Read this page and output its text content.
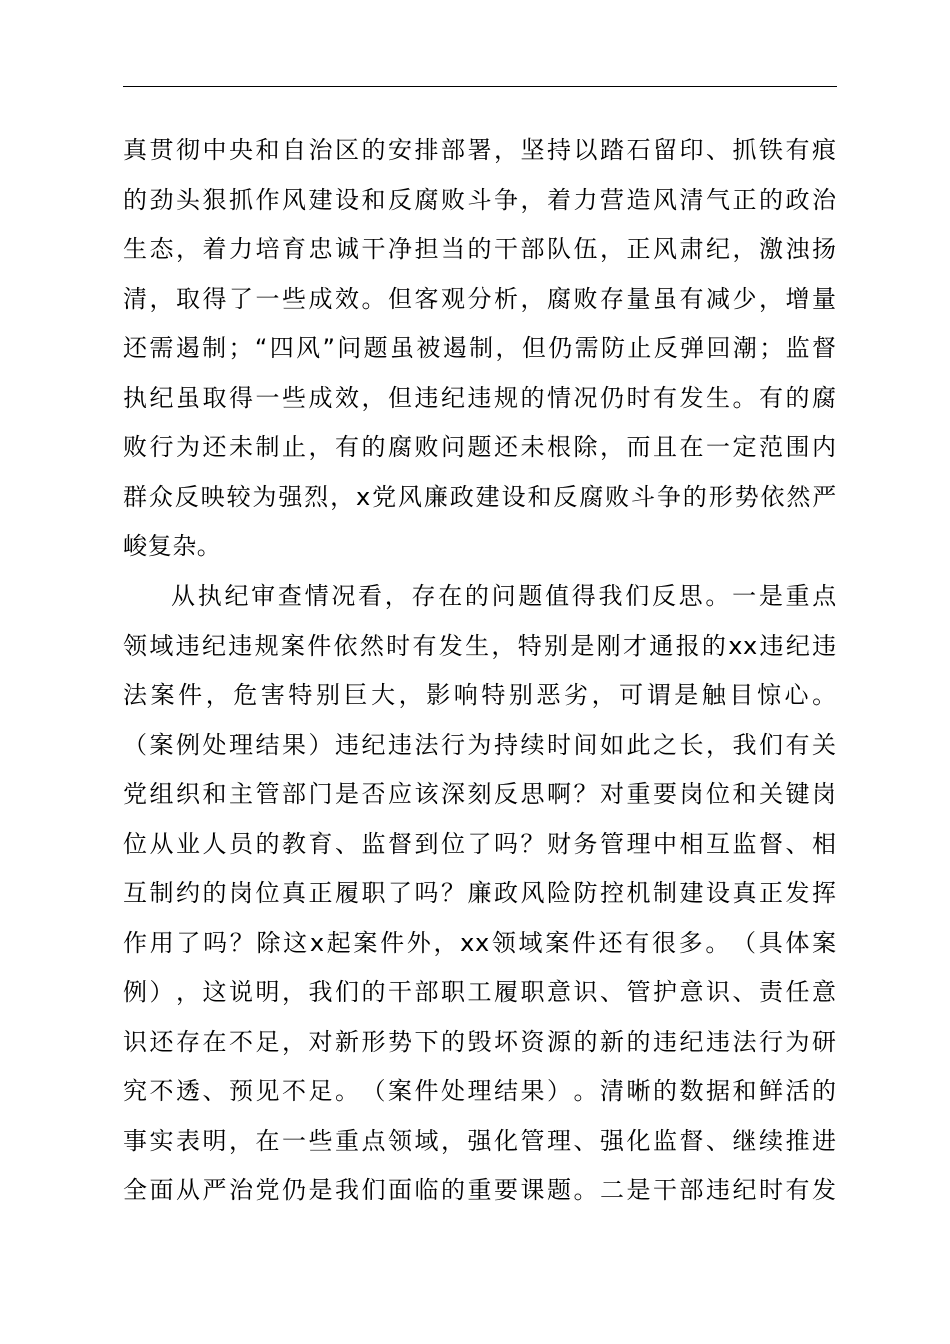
真 贯 彻 中 央 和 自 治 区 的 安 排 部 署 ， 坚 持 以 踏 石 留 印 、 抓 铁 有 痕
的 劲 头 狠 抓 作 风 建 设 和 反 腐 败 斗 争 ， 着 力 营 造 风 清 气 正 的 政 治
生 态 ， 着 力 培 育 忠 诚 干 净 担 当 的 干 部 队 伍 ， 正 风 肃 纪 ， 激 浊 扬
清 ， 取 得 了 一 些 成 效 。 但 客 观 分 析 ， 腐 败 存 量 虽 有 减 少 ， 增 量
还 需 遏 制 ； “ 四 风 ” 问 题 虽 被 遏 制 ， 但 仍 需 防 止 反 弹 回 潮 ； 监 督
执 纪 虽 取 得 一 些 成 效 ， 但 违 纪 违 规 的 情 况 仍 时 有 发 生 。 有 的 腐
败 行 为 还 未 制 止 ， 有 的 腐 败 问 题 还 未 根 除 ， 而 且 在 一 定 范 围 内
群 众 反 映 较 为 强 烈 ， x 党 风 廉 政 建 设 和 反 腐 败 斗 争 的 形 势 依 然 严
峻复杂。
从 执 纪 审 查 情 况 看 ， 存 在 的 问 题 值 得 我 们 反 思 。 一 是 重 点
领 域 违 纪 违 规 案 件 依 然 时 有 发 生 ， 特 别 是 刚 才 通 报 的 xx 违 纪 违
法 案 件 ， 危 害 特 别 巨 大 ， 影 响 特 别 恶 劣 ， 可 谓 是 触 目 惊 心 。
（ 案 例 处 理 结 果 ） 违 纪 违 法 行 为 持 续 时 间 如 此 之 长 ， 我 们 有 关
党 组 织 和 主 管 部 门 是 否 应 该 深 刻 反 思 啊 ？ 对 重 要 岗 位 和 关 键 岗
位 从 业 人 员 的 教 育 、 监 督 到 位 了 吗 ？ 财 务 管 理 中 相 互 监 督 、 相
互 制 约 的 岗 位 真 正 履 职 了 吗 ？ 廉 政 风 险 防 控 机 制 建 设 真 正 发 挥
作 用 了 吗 ？ 除 这 x 起 案 件 外 ， xx 领 域 案 件 还 有 很 多 。 （ 具 体 案
例 ） ， 这 说 明 ， 我 们 的 干 部 职 工 履 职 意 识 、 管 护 意 识 、 责 任 意
识 还 存 在 不 足 ， 对 新 形 势 下 的 毁 坏 资 源 的 新 的 违 纪 违 法 行 为 研
究 不 透 、 预 见 不 足 。 （ 案 件 处 理 结 果 ） 。 清 晰 的 数 据 和 鲜 活 的
事 实 表 明 ， 在 一 些 重 点 领 域 ， 强 化 管 理 、 强 化 监 督 、 继 续 推 进
全 面 从 严 治 党 仍 是 我 们 面 临 的 重 要 课 题 。 二 是 干 部 违 纪 时 有 发
